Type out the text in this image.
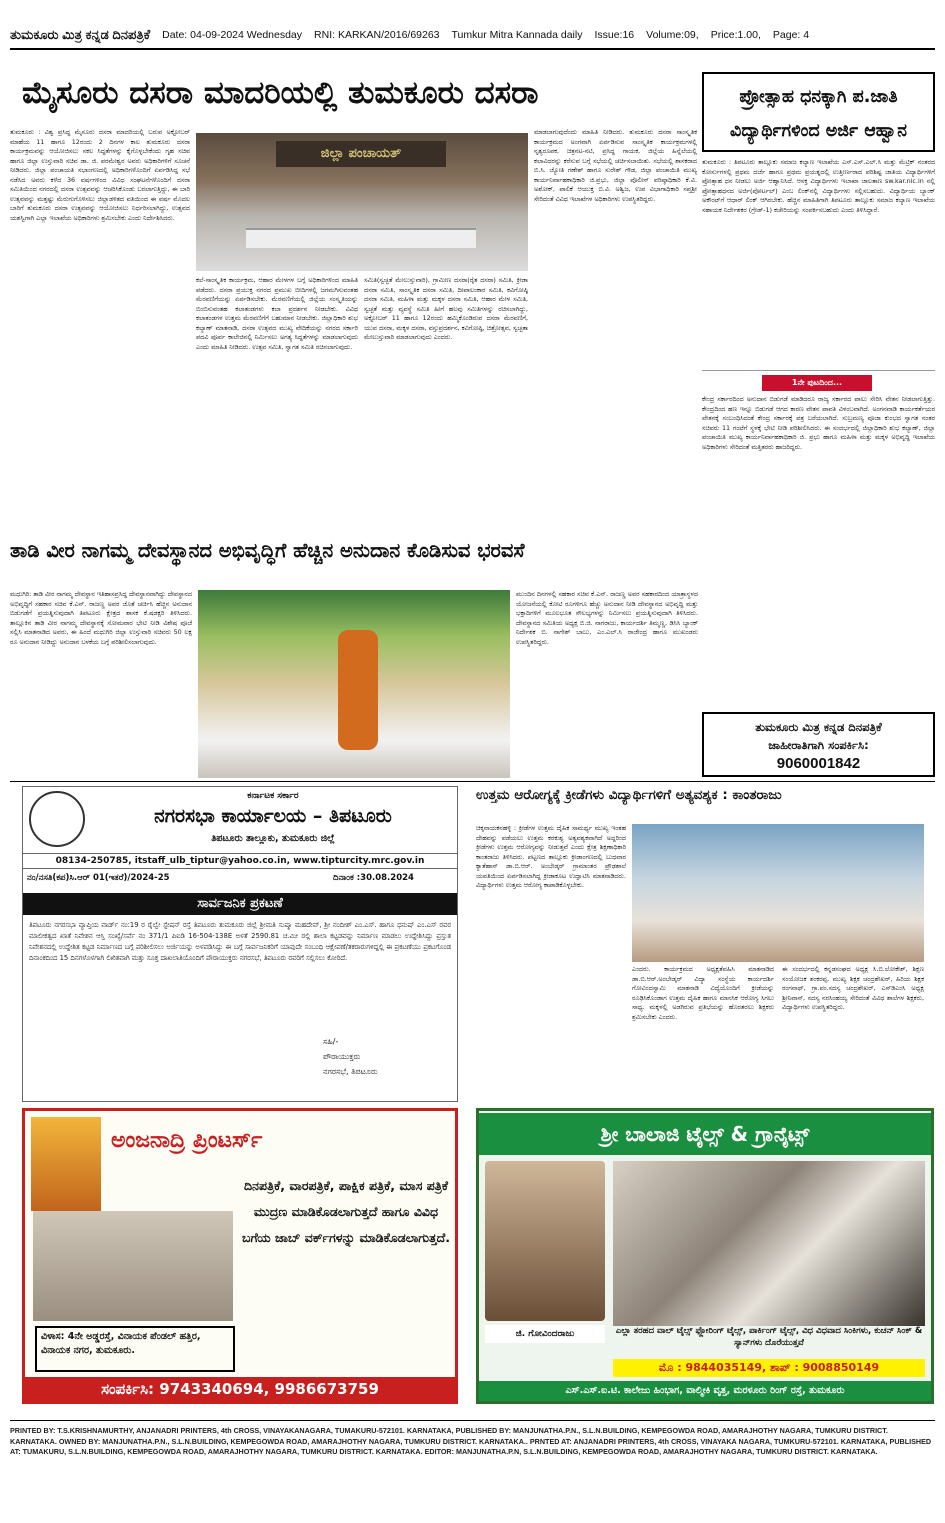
ತುಮಕೂರು ಮಿತ್ರ ಕನ್ನಡ ದಿನಪತ್ರಿಕೆ Date: 04-09-2024 Wednesday RNI: KARKAN/2016/69263 Tumkur Mitra Kannada daily Issue:16 Volume:09, Price:1.00, Page: 4
ಮೈಸೂರು ದಸರಾ ಮಾದರಿಯಲ್ಲಿ ತುಮಕೂರು ದಸರಾ
ಜಿಲ್ಲಾ ಪಂಚಾಯತ್

ತುಮಕೂರು : ವಿಶ್ವ ಪ್ರಸಿದ್ಧ ಮೈಸೂರು ದಸರಾ ಮಾದರಿಯಲ್ಲಿ ಬರುವ ಅಕ್ಟೋಬರ್ ಮಾಹೆಯ 11 ಹಾಗೂ 12ರಂದು 2 ದಿನಗಳ ಕಾಲ ತುಮಕೂರು ದಸರಾ ಕಾರ್ಯಕ್ರಮವನ್ನು ಆಯೋಜಿಸಲು ಸಕಲ ಸಿದ್ಧತೆಗಳನ್ನು ಕೈಗೊಳ್ಳಬೇಕೆಂದು ಗೃಹ ಸಚಿವ ಹಾಗೂ ಜಿಲ್ಲಾ ಉಸ್ತುವಾರಿ ಸಚಿವ ಡಾ. ಜಿ. ಪರಮೇಶ್ವರ ಅವರು ಅಧಿಕಾರಿಗಳಿಗೆ ಸೂಚನೆ ನೀಡಿದರು. ಜಿಲ್ಲಾ ಪಂಚಾಯತಿ ಸಭಾಂಗಣದಲ್ಲಿ ಅಧಿಕಾರಿಗಳೊಂದಿಗೆ ಏರ್ಪಡಿಸಿದ್ದ ಸಭೆ ನಡೆಸಿದ ಅವರು ಕಳೆದ 36 ವರ್ಷಗಳಿಂದ ವಿವಿಧ ಸಂಘಟನೆಗಳೊಂದಿಗೆ ದಸರಾ ಸಮಿತಿಯಿಂದ ನಗರದಲ್ಲಿ ದಸರಾ ಉತ್ಸವವನ್ನು ಆಚರಿಸಿಕೊಂಡು ಬರಲಾಗುತ್ತಿದ್ದು, ಈ ಬಾರಿ ಉತ್ಸವವನ್ನು ಮತ್ತಷ್ಟು ಮೆರುಗುಗೊಳಿಸಲು ಜಿಲ್ಲಾಡಳಿತದ ವತಿಯಿಂದ ಈ ವರ್ಷ ಮೊದಲ ಬಾರಿಗೆ ತುಮಕೂರು ದಸರಾ ಉತ್ಸವವನ್ನು ಆಯೋಜಿಸಲು ನಿರ್ಧರಿಸಲಾಗಿದ್ದು, ಉತ್ಸವದ ಯಶಸ್ವಿಗಾಗಿ ಎಲ್ಲಾ ಇಲಾಖೆಯ ಅಧಿಕಾರಿಗಳು ಶ್ರಮಿಸಬೇಕು ಎಂದು ನಿರ್ದೇಶಿಸಿದರು.

ಕಲೆ-ಸಾಂಸ್ಕೃತಿಕ ಕಾರ್ಯಕ್ರಮ, ಆಹಾರ ಮೇಳಗಳ ಬಗ್ಗೆ ಅಧಿಕಾರಿಗಳಿಂದ ಮಾಹಿತಿ ಪಡೆದರು. ದಸರಾ ಪ್ರಯುಕ್ತ ನಗರದ ಪ್ರಮುಖ ಬೀದಿಗಳಲ್ಲಿ ಜಗಮಗಿಸುವಂತಹ ಮೆರವಣಿಗೆಯನ್ನು ಏರ್ಪಡಿಸಬೇಕು. ಮೆರವಣಿಗೆಯಲ್ಲಿ ಜಿಲ್ಲೆಯ ಸಂಸ್ಕೃತಿಯನ್ನು ಬಿಂಬಿಸುವಂತಹ ಕಲಾತಂಡಗಳು ಕಲಾ ಪ್ರದರ್ಶನ ನೀಡಬೇಕು. ವಿವಿಧ ಕಲಾತಂಡಗಳ ಉತ್ತಮ ಮೆರವಣಿಗೆಗೆ ಬಹುಮಾನ ನೀಡಬೇಕು. ಜಿಲ್ಲಾಧಿಕಾರಿ ಶುಭ ಕಲ್ಯಾಣ್ ಮಾತನಾಡಿ, ದಸರಾ ಉತ್ಸವದ ಮುಖ್ಯ ವೇದಿಕೆಯನ್ನು ನಗರದ ಸರ್ಕಾರಿ ಪದವಿ ಪೂರ್ವ ಕಾಲೇಜಿನಲ್ಲಿ ನಿರ್ಮಿಸಲು ಅಗತ್ಯ ಸಿದ್ಧತೆಗಳನ್ನು ಮಾಡಲಾಗುವುದು ಎಂದು ಮಾಹಿತಿ ನೀಡಿದರು. ಉತ್ಸವ ಸಮಿತಿ, ಸ್ವಾಗತ ಸಮಿತಿ ರಚಿಸಲಾಗುವುದು.

ಸಮಿತಿ(ಸ್ವಚ್ಛತೆ ಮೇಲುಸ್ತುವಾರಿ), ಗ್ರಾಮೀಣ ದಸರಾ(ರೈತ ದಸರಾ) ಸಮಿತಿ, ಕ್ರೀಡಾ ದಸರಾ ಸಮಿತಿ, ಸಾಂಸ್ಕೃತಿಕ ದಸರಾ ಸಮಿತಿ, ದೀಪಾಲಂಕಾರ ಸಮಿತಿ, ಕವಿಗೋಷ್ಠಿ ದಸರಾ ಸಮಿತಿ, ಮಹಿಳಾ ಮತ್ತು ಮಕ್ಕಳ ದಸರಾ ಸಮಿತಿ, ಆಹಾರ ಮೇಳ ಸಮಿತಿ, ಸ್ವಚ್ಛತೆ ಮತ್ತು ವ್ಯವಸ್ಥೆ ಸಮಿತಿ ಹೀಗೆ ಹಲವು ಸಮಿತಿಗಳನ್ನು ರಚಿಸಲಾಗಿದ್ದು, ಅಕ್ಟೋಬರ್ 11 ಹಾಗೂ 12ರಂದು ಹಮ್ಮಿಕೊಂಡಿರುವ ದಸರಾ ಮೆರವಣಿಗೆ, ಯುವ ದಸರಾ, ಮಕ್ಕಳ ದಸರಾ, ವಸ್ತುಪ್ರದರ್ಶನ, ಕವಿಗೋಷ್ಠಿ, ಚಿತ್ರೋತ್ಸವ, ಸ್ವಚ್ಛತಾ ಮೇಲುಸ್ತುವಾರಿ ಮಾಡಲಾಗುವುದು ಎಂದರು.

ಮಾಡಲಾಗುವುದೆಂದು ಮಾಹಿತಿ ನೀಡಿದರು. ತುಮಕೂರು ದಸರಾ ಸಾಂಸ್ಕೃತಿಕ ಕಾರ್ಯಕ್ರಮದ ಅಂಗವಾಗಿ ಏರ್ಪಡಿಸುವ ಸಾಂಸ್ಕೃತಿಕ ಕಾರ್ಯಕ್ರಮಗಳಲ್ಲಿ ನೃತ್ಯರೂಪಕ, ಚಿತ್ರನಟ-ನಟಿ, ಪ್ರಸಿದ್ಧ ಗಾಯಕ, ಜಿಲ್ಲೆಯ ಹಿನ್ನೆಲೆಯಲ್ಲಿ ಕಲಾವಿದರನ್ನು ಕರೆಸುವ ಬಗ್ಗೆ ಸಭೆಯಲ್ಲಿ ಚರ್ಚಿಸಲಾಯಿತು. ಸಭೆಯಲ್ಲಿ ಶಾಸಕರಾದ ಬಿ.ಸಿ. ಜ್ಯೋತಿ ಗಣೇಶ್ ಹಾಗೂ ಸುರೇಶ್ ಗೌಡ, ಜಿಲ್ಲಾ ಪಂಚಾಯಿತಿ ಮುಖ್ಯ ಕಾರ್ಯನಿರ್ವಾಹಕಾಧಿಕಾರಿ ಜಿ.ಪ್ರಭು, ಜಿಲ್ಲಾ ಪೊಲೀಸ್ ವರಿಷ್ಠಾಧಿಕಾರಿ ಕೆ.ವಿ. ಅಶೋಕ್, ಪಾಲಿಕೆ ಆಯುಕ್ತ ಬಿ.ವಿ. ಅಶ್ವಿಜ, ಉಪ ವಿಭಾಗಾಧಿಕಾರಿ ಸಪ್ತಶ್ರೀ ಸೇರಿದಂತೆ ವಿವಿಧ ಇಲಾಖೆಗಳ ಅಧಿಕಾರಿಗಳು ಉಪಸ್ಥಿತರಿದ್ದರು.

ಪ್ರೋತ್ಸಾಹ ಧನಕ್ಕಾಗಿ ಪ.ಜಾತಿ ವಿದ್ಯಾರ್ಥಿಗಳಿಂದ ಅರ್ಜಿ ಆಹ್ವಾನ

ತುಮಕೂರು : ತಿಪಟೂರು ತಾಲ್ಲೂಕು ಸಮಾಜ ಕಲ್ಯಾಣ ಇಲಾಖೆಯ ಎಸ್.ಎಸ್.ಎಲ್.ಸಿ ಮತ್ತು ಮೆಟ್ರಿಕ್ ನಂತರದ ಕೋರ್ಸುಗಳಲ್ಲಿ ಪ್ರಥಮ ದರ್ಜೆ ಹಾಗೂ ಪ್ರಥಮ ಪ್ರಯತ್ನದಲ್ಲಿ ಉತ್ತೀರ್ಣರಾದ ಪರಿಶಿಷ್ಟ ಜಾತಿಯ ವಿದ್ಯಾರ್ಥಿಗಳಿಗೆ ಪ್ರೋತ್ಸಾಹ ಧನ ನೀಡಲು ಅರ್ಜಿ ಆಹ್ವಾನಿಸಿದೆ. ಆಸಕ್ತ ವಿದ್ಯಾರ್ಥಿಗಳು ಇಲಾಖಾ ಜಾಲತಾಣ sw.kar.nic.in ನಲ್ಲಿ ಪ್ರೋತ್ಸಾಹಧನದ ಅರ್ಜಿ(ಪೋರ್ಟಲ್) ಎಂಬ ಲಿಂಕ್‌ನಲ್ಲಿ ವಿದ್ಯಾರ್ಥಿಗಳು ಸಲ್ಲಿಸಬಹುದು. ವಿದ್ಯಾರ್ಥಿಯ ಬ್ಯಾಂಕ್ ಅಕೌಂಟ್‌ಗೆ ಆಧಾರ್ ಲಿಂಕ್ ಆಗಿರಬೇಕು. ಹೆಚ್ಚಿನ ಮಾಹಿತಿಗಾಗಿ ತಿಪಟೂರು ತಾಲ್ಲೂಕು ಸಮಾಜ ಕಲ್ಯಾಣ ಇಲಾಖೆಯ ಸಹಾಯಕ ನಿರ್ದೇಶಕರ (ಗ್ರೇಡ್-1) ಕಚೇರಿಯನ್ನು ಸಂಪರ್ಕಿಸಬಹುದು ಎಂದು ತಿಳಿಸಿದ್ದಾರೆ.

1ನೇ ಪುಟದಿಂದ...

ಕೇಂದ್ರ ಸರ್ಕಾರದಿಂದ ಅನುದಾನ ಬಿಡುಗಡೆ ಮಾಡಿದರೂ ರಾಜ್ಯ ಸರ್ಕಾರದ ಪಾಲು ಸೇರಿಸಿ ವೇತನ ನೀಡಲಾಗುತ್ತಿತ್ತು. ಕೇಂದ್ರದಿಂದ ಹಣ ಇನ್ನೂ ಬಿಡುಗಡೆ ಆಗದ ಕಾರಣ ವೇತನ ಪಾವತಿ ವಿಳಂಬವಾಗಿದೆ. ಅಂಗನವಾಡಿ ಕಾರ್ಯಕರ್ತೆಯರ ವೇತನಕ್ಕೆ ಸಂಬಂಧಿಸಿದಂತೆ ಕೇಂದ್ರ ಸರ್ಕಾರಕ್ಕೆ ಪತ್ರ ಬರೆಯಲಾಗಿದೆ. ಸುಬ್ರಮಣ್ಯ ಪೂಜಾ ಕುಂಭದ ಸ್ವಾಗತ ನಂತರ ಸಚಿವರು 11 ಗಂಟೆಗೆ ಸ್ಥಳಕ್ಕೆ ಭೇಟಿ ನೀಡಿ ಪರಿಶೀಲಿಸಿದರು. ಈ ಸಂದರ್ಭದಲ್ಲಿ ಜಿಲ್ಲಾಧಿಕಾರಿ ಶುಭ ಕಲ್ಯಾಣ್, ಜಿಲ್ಲಾ ಪಂಚಾಯಿತಿ ಮುಖ್ಯ ಕಾರ್ಯನಿರ್ವಾಹಕಾಧಿಕಾರಿ ಜಿ. ಪ್ರಭು ಹಾಗೂ ಮಹಿಳಾ ಮತ್ತು ಮಕ್ಕಳ ಅಭಿವೃದ್ಧಿ ಇಲಾಖೆಯ ಅಧಿಕಾರಿಗಳು ಸೇರಿದಂತೆ ಮತ್ತಿತರರು ಹಾಜರಿದ್ದರು.

ತುಮಕೂರು ಮಿತ್ರ ಕನ್ನಡ ದಿನಪತ್ರಿಕೆ
ಜಾಹೀರಾತಿಗಾಗಿ ಸಂಪರ್ಕಿಸಿ:
9060001842
ತಾಡಿ ವೀರ ನಾಗಮ್ಮ ದೇವಸ್ಥಾನದ ಅಭಿವೃದ್ಧಿಗೆ ಹೆಚ್ಚಿನ ಅನುದಾನ ಕೊಡಿಸುವ ಭರವಸೆ

ಮಧುಗಿರಿ: ತಾಡಿ ವೀರ ನಾಗಮ್ಮ ದೇವಸ್ಥಾನ ಇತಿಹಾಸಪ್ರಸಿದ್ಧ ದೇವಸ್ಥಾನವಾಗಿದ್ದು ದೇವಸ್ಥಾನದ ಅಭಿವೃದ್ಧಿಗೆ ಸಹಕಾರ ಸಚಿವ ಕೆ.ಎನ್. ರಾಜಣ್ಣ ಅವರ ಜೊತೆ ಚರ್ಚಿಸಿ ಹೆಚ್ಚಿನ ಅನುದಾನ ಬಿಡುಗಡೆಗೆ ಪ್ರಯತ್ನಿಸುವುದಾಗಿ ತಿಪಟೂರು ಕ್ಷೇತ್ರದ ಶಾಸಕ ಕೆ.ಷಡಕ್ಷರಿ ತಿಳಿಸಿದರು. ತಾಲ್ಲೂಕಿನ ತಾಡಿ ವೀರ ನಾಗಮ್ಮ ದೇವಸ್ಥಾನಕ್ಕೆ ಸೋಮವಾರ ಭೇಟಿ ನೀಡಿ ವಿಶೇಷ ಪೂಜೆ ಸಲ್ಲಿಸಿ ಮಾತನಾಡಿದ ಅವರು, ಈ ಹಿಂದೆ ಮಧುಗಿರಿ ಜಿಲ್ಲಾ ಉಸ್ತುವಾರಿ ಸಚಿವರು 50 ಲಕ್ಷ ರೂ ಅನುದಾನ ನೀಡಿದ್ದು ಅನುದಾನ ಬಳಕೆಯ ಬಗ್ಗೆ ಪರಿಶೀಲಿಸಲಾಗುವುದು.

ಮುಂದಿನ ದಿನಗಳಲ್ಲಿ ಸಹಕಾರ ಸಚಿವ ಕೆ.ಎನ್. ರಾಜಣ್ಣ ಅವರ ಸಹಕಾರದಿಂದ ಯಾತ್ರಾಸ್ಥಳದ ಯೋಜನೆಯಲ್ಲಿ ಕೋಟಿ ರೂಗಳಿಗೂ ಹೆಚ್ಚು ಅನುದಾನ ನೀಡಿ ದೇವಸ್ಥಾನದ ಅಭಿವೃದ್ಧಿ ಮತ್ತು ಭಕ್ತಾದಿಗಳಿಗೆ ಮೂಲಭೂತ ಸೌಲಭ್ಯಗಳನ್ನು ನಿರ್ಮಿಸಲು ಪ್ರಯತ್ನಿಸುವುದಾಗಿ ತಿಳಿಸಿದರು. ದೇವಸ್ಥಾನದ ಸಮಿತಿಯ ಅಧ್ಯಕ್ಷ ಬಿ.ಜಿ. ನಾಗರಾಜು, ಕಾರ್ಯದರ್ಶಿ ತಿಮ್ಮಣ್ಣ, ಡಿಸಿಸಿ ಬ್ಯಾಂಕ್ ನಿರ್ದೇಶಕ ಬಿ. ನಾಗೇಶ್ ಬಾಬು, ಎಂ.ಎಲ್.ಸಿ ರಾಜೇಂದ್ರ ಹಾಗೂ ಮುಖಂಡರು ಉಪಸ್ಥಿತರಿದ್ದರು.

ಕರ್ನಾಟಕ ಸರ್ಕಾರ
ನಗರಸಭಾ ಕಾರ್ಯಾಲಯ – ತಿಪಟೂರು
ತಿಪಟೂರು ತಾಲ್ಲೂಕು, ತುಮಕೂರು ಜಿಲ್ಲೆ
08134-250785, itstaff_ulb_tiptur@yahoo.co.in, www.tipturcity.mrc.gov.in
ನಂ/ನಸತಿ(ಕಪ)ಸಿ.ಆರ್ 01(ಇತರೆ)/2024-25	ದಿನಾಂಕ :30.08.2024
ಸಾರ್ವಜನಿಕ ಪ್ರಕಟಣೆ

ತಿಪಟೂರು ನಗರಸಭಾ ವ್ಯಾಪ್ತಿಯ ವಾರ್ಡ್ ನಂ:19 ರ ರೈಲ್ವೇ ಸ್ಟೇಷನ್ ರಸ್ತೆ ತಿಪಟೂರು ತುಮಕೂರು ಜಿಲ್ಲೆ ಶ್ರೀಮತಿ ಸುಷ್ಮಾ ಮಹದೇವ್, ಶ್ರೀ ನಂದೀಶ್ ಎಂ.ಎಸ್. ಹಾಗೂ ಧನುಷ್ ಎಂ.ಎಸ್ ರವರ ಮಾಲೀಕತ್ವದ ಖಾತೆ ನಿವೇಶನ ಆಸ್ತಿ ಸಂಖ್ಯೆ/ಸರ್ವೆ ನಂ 371/1 ಪಿಐಡಿ 16-504-138E ಅಳತೆ 2590.81 ಚ.ಮೀ ರಲ್ಲಿ ಶಾಲಾ ಕಟ್ಟಡವನ್ನು ನಿರ್ಮಾಣ ಮಾಡಲು ಉದ್ದೇಶಿಸಿದ್ದು ಪ್ರಸ್ತುತ ನಿವೇಶನದಲ್ಲಿ ಉದ್ದೇಶಿತ ಕಟ್ಟಡ ನಿರ್ಮಾಣದ ಬಗ್ಗೆ ಪರಿಶೀಲಿಸಲು ಅರ್ಜಿಯನ್ನು ಅಳವಡಿಸಿದ್ದು ಈ ಬಗ್ಗೆ ಸಾರ್ವಜನಿಕರಿಗೆ ಯಾವುದೇ ಸಂಬಂಧಿ ಆಕ್ಷೇಪಣೆ/ತಕರಾರುಗಳಿದ್ದಲ್ಲಿ ಈ ಪ್ರಕಟಣೆಯು ಪ್ರಕಟಗೊಂಡ ದಿನಾಂಕದಿಂದ 15 ದಿನಗಳೊಳಗಾಗಿ ಲಿಖಿತವಾಗಿ ಮತ್ತು ಸೂಕ್ತ ದಾಖಲಾತಿಯೊಂದಿಗೆ ಪೌರಾಯುಕ್ತರು ನಗರಸಭೆ, ತಿಪಟೂರು ರವರಿಗೆ ಸಲ್ಲಿಸಲು ಕೋರಿದೆ.

ಸಹಿ/-
ಪೌರಾಯುಕ್ತರು
ನಗರಸಭೆ, ತಿಪಟೂರು
ಉತ್ತಮ ಆರೋಗ್ಯಕ್ಕೆ ಕ್ರೀಡೆಗಳು ವಿದ್ಯಾರ್ಥಿಗಳಿಗೆ ಅತ್ಯವಶ್ಯಕ : ಕಾಂತರಾಜು

ಚಿಕ್ಕನಾಯಕನಹಳ್ಳಿ : ಕ್ರೀಡೆಗಳ ಉತ್ತಮ ದೈಹಿಕ ಸಾಮರ್ಥ್ಯ ಮುಖ್ಯ ಇಂತಹ ದೇಹವನ್ನು ಪಡೆಯಲು ಉತ್ತಮ ಕರಕುಶ್ಯ ಅತ್ಯವಶ್ಯಕವಾಗಿದೆ ಅದ್ದರಿಂದ ಕ್ರೀಡೆಗಳು ಉತ್ತಮ ಆರೋಗ್ಯವನ್ನು ನೀಡುತ್ತವೆ ಎಂದು ಕ್ಷೇತ್ರ ಶಿಕ್ಷಣಾಧಿಕಾರಿ ಕಾಂತರಾಜು ತಿಳಿಸಿದರು. ಪಟ್ಟಣದ ತಾಲ್ಲೂಕು ಕ್ರೀಡಾಂಗಣದಲ್ಲಿ ಬುಧವಾರ ಕ್ಯಾತೆಹಾಸ್ ಡಾ.ಬಿ.ಆರ್. ಅಂಬೇಡ್ಕರ್ ಗ್ರಾಮಾಂತರ ಪ್ರೌಢಶಾಲೆ ಯವತಿಯಿಂದ ಏರ್ಪಡಿಸಲಾಗಿದ್ದ ಕ್ರೀಡಾಕೂಟ ಉದ್ಘಾಟಿಸಿ ಮಾತನಾಡಿದರು. ವಿದ್ಯಾರ್ಥಿಗಳು ಉತ್ತಮ ಆರೋಗ್ಯ ಕಾಪಾಡಿಕೊಳ್ಳಬೇಕು.

ಎಂದರು. ಕಾರ್ಯಕ್ರಮದ ಅಧ್ಯಕ್ಷತೆವಹಿಸಿ ಮಾತನಾಡಿದ ಡಾ.ಬಿ.ಆರ್.ಅಂಬೇಡ್ಕರ್ ವಿದ್ಯಾ ಸಂಸ್ಥೆಯ ಕಾರ್ಯದರ್ಶಿ ಗೋವಿಂದಸ್ವಾಮಿ ಮಾತನಾಡಿ ವಿದ್ಯೆಯೊಂದಿಗೆ ಕ್ರೀಡೆಯನ್ನು ರೂಢಿಸಿಕೊಂಡಾಗ ಉತ್ತಮ ದೈಹಿಕ ಹಾಗೂ ಮಾನಸಿಕ ಆರೋಗ್ಯ ಸಿಗಲು ಸಾಧ್ಯ. ಮಕ್ಕಳಲ್ಲಿ ಅಡಗಿರುವ ಪ್ರತಿಭೆಯನ್ನು ಹೊರತರಲು ಶಿಕ್ಷಕರು ಶ್ರಮಿಸಬೇಕು ಎಂದರು.

ಈ ಸಂದರ್ಭದಲ್ಲಿ ಕನ್ನಡಸಂಘದ ಅಧ್ಯಕ್ಷ ಸಿ.ಬಿ.ಲೋಕೇಶ್, ಶಿಕ್ಷಣ ಸಂಯೋಜಕ ಶಂಕರಪ್ಪ, ಮುಖ್ಯ ಶಿಕ್ಷಕ ಚಂದ್ರಶೇಖರ್, ಹಿರಿಯ ಶಿಕ್ಷಕ ರಂಗನಾಥ್, ಗ್ರಾ.ಪಂ.ಸದಸ್ಯ ಚಂದ್ರಶೇಖರ್, ಎಸ್‌ಡಿಎಂಸಿ ಅಧ್ಯಕ್ಷ ಶ್ರೀನಿವಾಸ್, ಸದಸ್ಯ ನರಸಿಂಹಯ್ಯ ಸೇರಿದಂತೆ ವಿವಿಧ ಶಾಲೆಗಳ ಶಿಕ್ಷಕರು, ವಿದ್ಯಾರ್ಥಿಗಳು ಉಪಸ್ಥಿತರಿದ್ದರು.

ಅಂಜನಾದ್ರಿ ಪ್ರಿಂಟರ್ಸ್
ದಿನಪತ್ರಿಕೆ, ವಾರಪತ್ರಿಕೆ, ಪಾಕ್ಷಿಕ ಪತ್ರಿಕೆ, ಮಾಸ ಪತ್ರಿಕೆ ಮುದ್ರಣ ಮಾಡಿಕೊಡಲಾಗುತ್ತದೆ ಹಾಗೂ ವಿವಿಧ ಬಗೆಯ ಜಾಬ್ ವರ್ಕ್‌ಗಳನ್ನು ಮಾಡಿಕೊಡಲಾಗುತ್ತದೆ.
ವಿಳಾಸ: 4ನೇ ಅಡ್ಡರಸ್ತೆ, ವಿನಾಯಕ ಪೆಂಡಲ್ ಹತ್ತಿರ, ವಿನಾಯಕ ನಗರ, ತುಮಕೂರು.
ಸಂಪರ್ಕಿಸಿ: 9743340694, 9986673759
ಶ್ರೀ ಬಾಲಾಜಿ ಟೈಲ್ಸ್ & ಗ್ರಾನೈಟ್ಸ್
ಜಿ. ಗೋವಿಂದರಾಜು	ಎಲ್ಲಾ ತರಹದ ವಾಲ್ ಟೈಲ್ಸ್ ಫ್ಲೋರಿಂಗ್ ಟೈಲ್ಸ್, ಪಾರ್ಕಿಂಗ್ ಟೈಲ್ಸ್, ವಿಧ ವಿಧವಾದ ಸಿಂಕಿಗಳು, ಕುಚನ್ ಸಿಂಕ್ & ಸ್ಯಾನ್‌ಗಳು ದೊರೆಯುತ್ತವೆ
ಮೊ : 9844035149, ಶಾಪ್ : 9008850149
ಎಸ್.ಎಸ್.ಐ.ಟಿ. ಕಾಲೇಜು ಹಿಂಭಾಗ, ವಾಲ್ಮೀಕಿ ವೃತ್ತ, ಮರಳೂರು ರಿಂಗ್ ರಸ್ತೆ, ತುಮಕೂರು
PRINTED BY: T.S.KRISHNAMURTHY, ANJANADRI PRINTERS, 4th CROSS, VINAYAKANAGARA, TUMAKURU-572101. KARNATAKA, PUBLISHED BY: MANJUNATHA.P.N., S.L.N.BUILDING, KEMPEGOWDA ROAD, AMARAJHOTHY NAGARA, TUMKURU DISTRICT. KARNATAKA. OWNED BY: MANJUNATHA.P.N., S.L.N.BUILDING, KEMPEGOWDA ROAD, AMARAJHOTHY NAGARA, TUMKURU DISTRICT. KARNATAKA.. PRNTED AT: ANJANADRI PRINTERS, 4th CROSS, VINAYAKA NAGARA, TUMKURU-572101. KARNATAKA, PUBLISHED AT: TUMAKURU, S.L.N.BUILDING, KEMPEGOWDA ROAD, AMARAJHOTHY NAGARA, TUMKURU DISTRICT. KARNATAKA. EDITOR: MANJUNATHA.P.N, S.L.N.BUILDING, KEMPEGOWDA ROAD, AMARAJHOTHY NAGARA, TUMKURU DISTRICT. KARNATAKA.
